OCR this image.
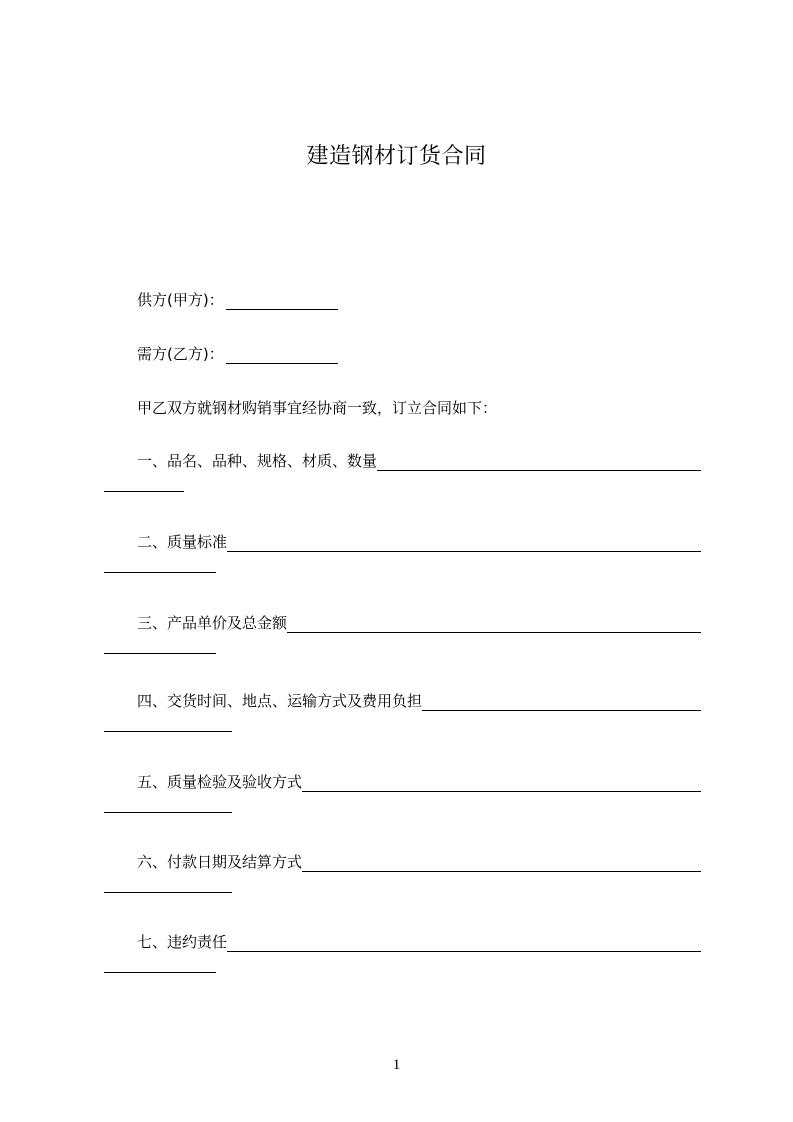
建造钢材订货合同
供方(甲方)：
需方(乙方)：
甲乙双方就钢材购销事宜经协商一致，订立合同如下：
一、品名、品种、规格、材质、数量
二、质量标准
三、产品单价及总金额
四、交货时间、地点、运输方式及费用负担
五、质量检验及验收方式
六、付款日期及结算方式
七、违约责任
1
